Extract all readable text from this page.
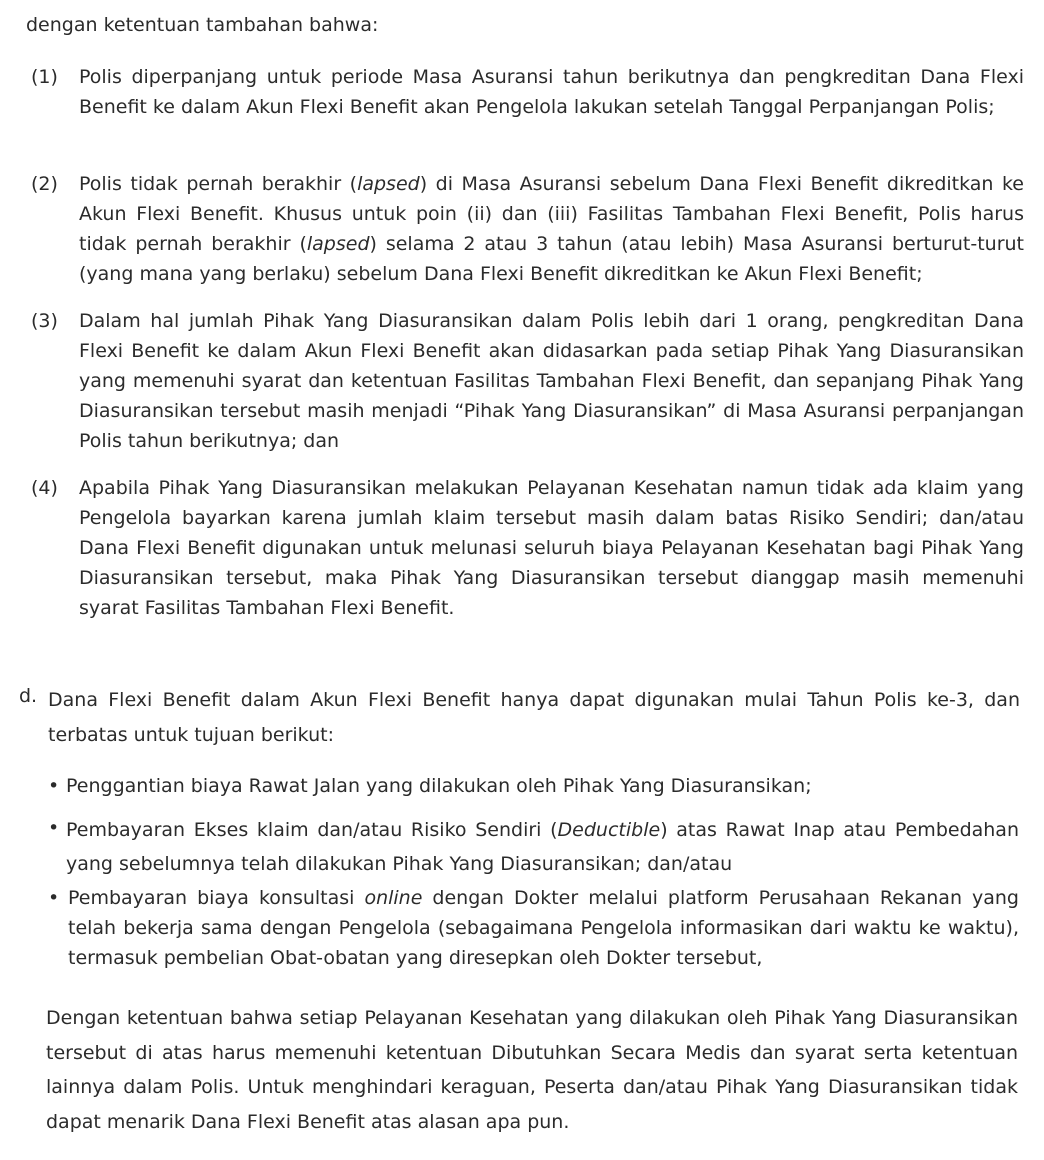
dengan ketentuan tambahan bahwa:
(1) Polis diperpanjang untuk periode Masa Asuransi tahun berikutnya dan pengkreditan Dana Flexi Benefit ke dalam Akun Flexi Benefit akan Pengelola lakukan setelah Tanggal Perpanjangan Polis;
(2) Polis tidak pernah berakhir (lapsed) di Masa Asuransi sebelum Dana Flexi Benefit dikreditkan ke Akun Flexi Benefit. Khusus untuk poin (ii) dan (iii) Fasilitas Tambahan Flexi Benefit, Polis harus tidak pernah berakhir (lapsed) selama 2 atau 3 tahun (atau lebih) Masa Asuransi berturut-turut (yang mana yang berlaku) sebelum Dana Flexi Benefit dikreditkan ke Akun Flexi Benefit;
(3) Dalam hal jumlah Pihak Yang Diasuransikan dalam Polis lebih dari 1 orang, pengkreditan Dana Flexi Benefit ke dalam Akun Flexi Benefit akan didasarkan pada setiap Pihak Yang Diasuransikan yang memenuhi syarat dan ketentuan Fasilitas Tambahan Flexi Benefit, dan sepanjang Pihak Yang Diasuransikan tersebut masih menjadi “Pihak Yang Diasuransikan” di Masa Asuransi perpanjangan Polis tahun berikutnya; dan
(4) Apabila Pihak Yang Diasuransikan melakukan Pelayanan Kesehatan namun tidak ada klaim yang Pengelola bayarkan karena jumlah klaim tersebut masih dalam batas Risiko Sendiri; dan/atau Dana Flexi Benefit digunakan untuk melunasi seluruh biaya Pelayanan Kesehatan bagi Pihak Yang Diasuransikan tersebut, maka Pihak Yang Diasuransikan tersebut dianggap masih memenuhi syarat Fasilitas Tambahan Flexi Benefit.
d. Dana Flexi Benefit dalam Akun Flexi Benefit hanya dapat digunakan mulai Tahun Polis ke-3, dan terbatas untuk tujuan berikut:
• Penggantian biaya Rawat Jalan yang dilakukan oleh Pihak Yang Diasuransikan;
• Pembayaran Ekses klaim dan/atau Risiko Sendiri (Deductible) atas Rawat Inap atau Pembedahan yang sebelumnya telah dilakukan Pihak Yang Diasuransikan; dan/atau
• Pembayaran biaya konsultasi online dengan Dokter melalui platform Perusahaan Rekanan yang telah bekerja sama dengan Pengelola (sebagaimana Pengelola informasikan dari waktu ke waktu), termasuk pembelian Obat-obatan yang diresepkan oleh Dokter tersebut,
Dengan ketentuan bahwa setiap Pelayanan Kesehatan yang dilakukan oleh Pihak Yang Diasuransikan tersebut di atas harus memenuhi ketentuan Dibutuhkan Secara Medis dan syarat serta ketentuan lainnya dalam Polis. Untuk menghindari keraguan, Peserta dan/atau Pihak Yang Diasuransikan tidak dapat menarik Dana Flexi Benefit atas alasan apa pun.
